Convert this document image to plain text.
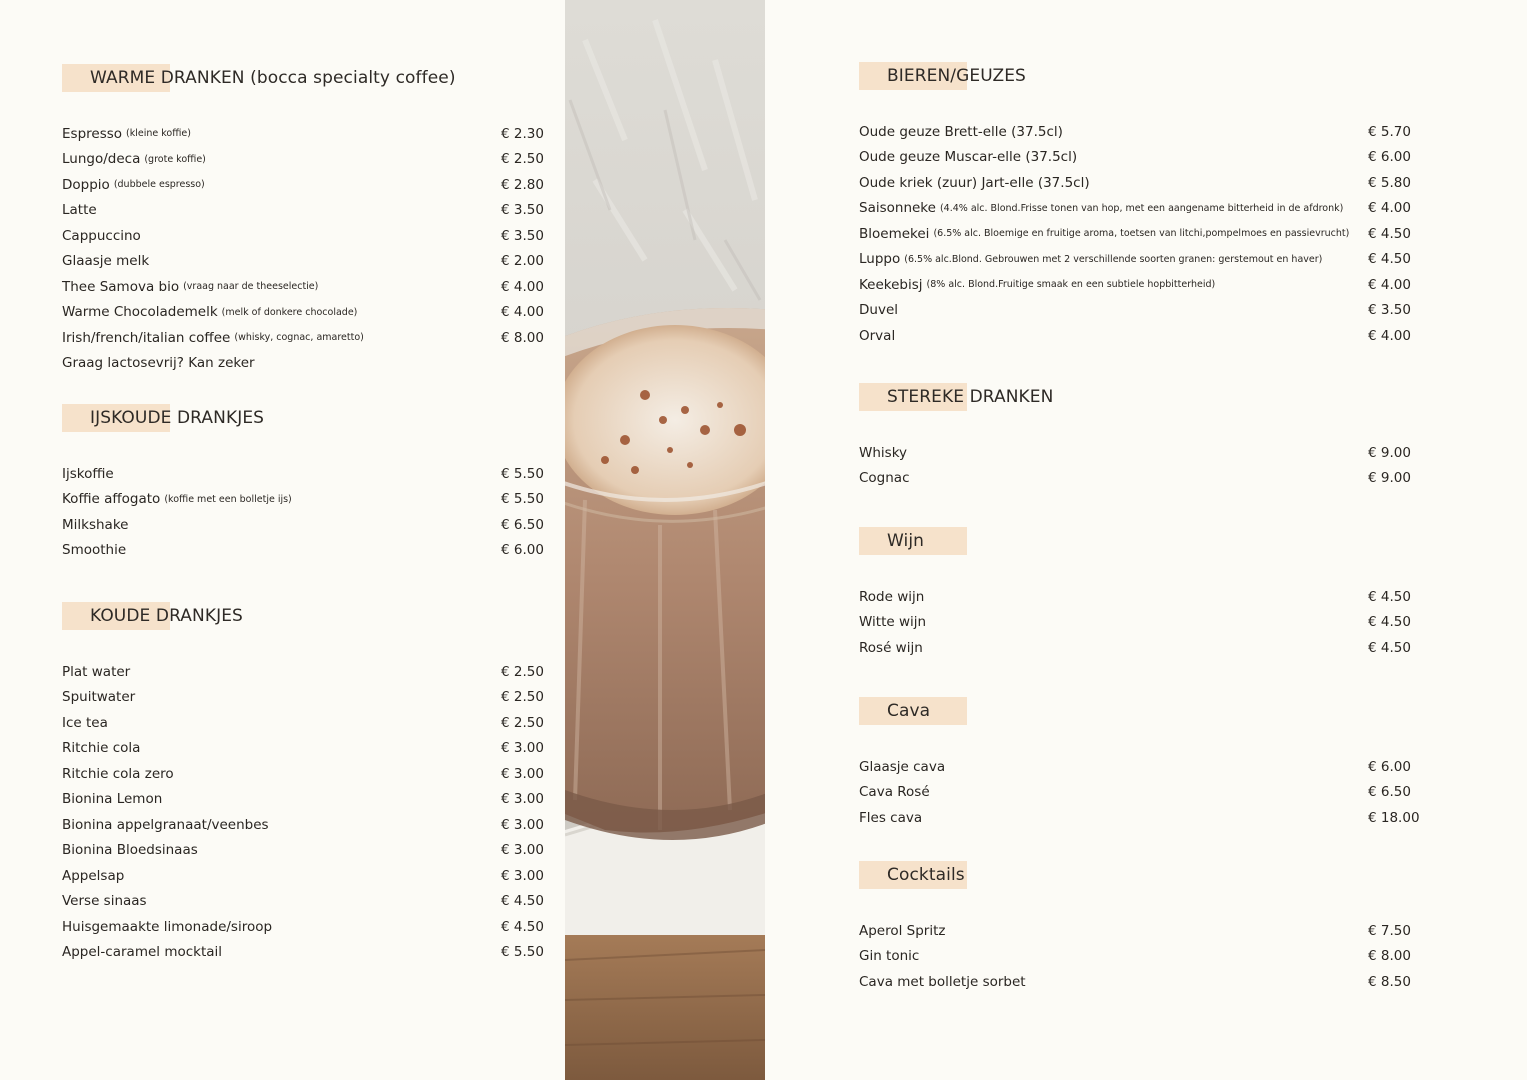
WARME DRANKEN (bocca specialty coffee)
Espresso (kleine koffie)	€ 2.30
Lungo/deca (grote koffie)	€ 2.50
Doppio (dubbele espresso)	€ 2.80
Latte	€ 3.50
Cappuccino	€ 3.50
Glaasje melk	€ 2.00
Thee Samova bio (vraag naar de theeselectie)	€ 4.00
Warme Chocolademelk (melk of donkere chocolade)	€ 4.00
Irish/french/italian coffee (whisky, cognac, amaretto)	€ 8.00
Graag lactosevrij? Kan zeker
IJSKOUDE DRANKJES
Ijskoffie	€ 5.50
Koffie affogato (koffie met een bolletje ijs)	€ 5.50
Milkshake	€ 6.50
Smoothie	€ 6.00
KOUDE DRANKJES
Plat water	€ 2.50
Spuitwater	€ 2.50
Ice tea	€ 2.50
Ritchie cola	€ 3.00
Ritchie cola zero	€ 3.00
Bionina Lemon	€ 3.00
Bionina appelgranaat/veenbes	€ 3.00
Bionina Bloedsinaas	€ 3.00
Appelsap	€ 3.00
Verse sinaas	€ 4.50
Huisgemaakte limonade/siroop	€ 4.50
Appel-caramel mocktail	€ 5.50
BIEREN/GEUZES
Oude geuze Brett-elle (37.5cl)	€ 5.70
Oude geuze Muscar-elle (37.5cl)	€ 6.00
Oude kriek (zuur) Jart-elle (37.5cl)	€ 5.80
Saisonneke (4.4% alc. Blond.Frisse tonen van hop, met een aangename bitterheid in de afdronk) € 4.00
Bloemekei (6.5% alc. Bloemige en fruitige aroma, toetsen van litchi,pompelmoes en passievrucht) € 4.50
Luppo (6.5% alc.Blond. Gebrouwen met 2 verschillende soorten granen: gerstemout en haver)	€ 4.50
Keekebisj (8% alc. Blond.Fruitige smaak en een subtiele hopbitterheid)	€ 4.00
Duvel	€ 3.50
Orval	€ 4.00
STEREKE DRANKEN
Whisky	€ 9.00
Cognac	€ 9.00
Wijn
Rode wijn	€ 4.50
Witte wijn	€ 4.50
Rosé wijn	€ 4.50
Cava
Glaasje cava	€ 6.00
Cava Rosé	€ 6.50
Fles cava	€ 18.00
Cocktails
Aperol Spritz	€ 7.50
Gin tonic	€ 8.00
Cava met bolletje sorbet	€ 8.50
